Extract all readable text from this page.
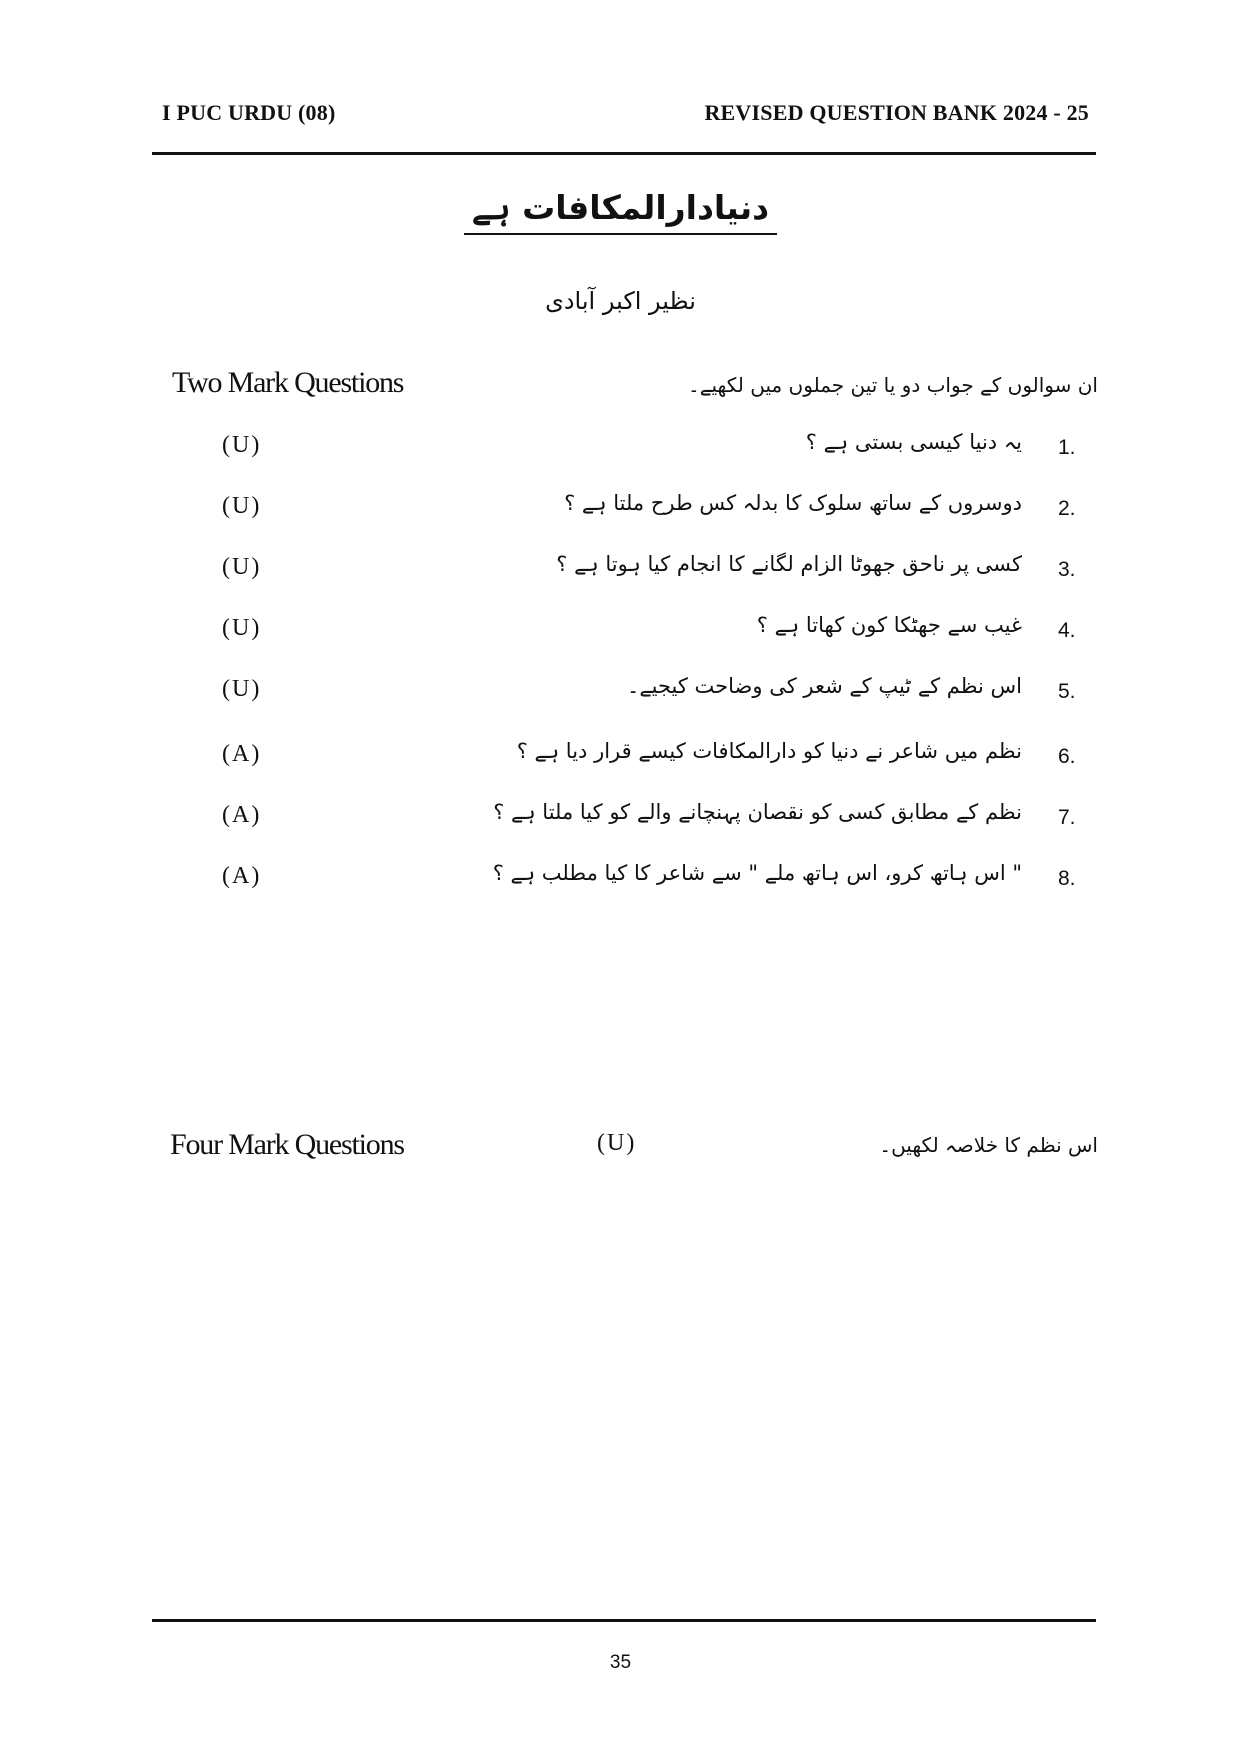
I PUC URDU (08)	REVISED QUESTION BANK 2024 - 25
دنیادارالمکافات ہے
نظیر اکبر آبادی
Two Mark Questions	ان سوالوں کے جواب دو یا تین جملوں میں لکھیے۔
(U)	یہ دنیا کیسی بستی ہے ؟ 1.
(U)	دوسروں کے ساتھ سلوک کا بدلہ کس طرح ملتا ہے ؟ 2.
(U)	کسی پر ناحق جھوٹا الزام لگانے کا انجام کیا ہوتا ہے ؟ 3.
(U)	غیب سے جھٹکا کون کھاتا ہے ؟ 4.
(U)	اس نظم کے ٹیپ کے شعر کی وضاحت کیجیے۔ 5.
(A)	نظم میں شاعر نے دنیا کو دارالمکافات کیسے قرار دیا ہے ؟ 6.
(A)	نظم کے مطابق کسی کو نقصان پہنچانے والے کو کیا ملتا ہے ؟ 7.
(A)	" اس ہاتھ کرو، اس ہاتھ ملے " سے شاعر کا کیا مطلب ہے ؟ 8.
Four Mark Questions	(U)	اس نظم کا خلاصہ لکھیں۔
35
